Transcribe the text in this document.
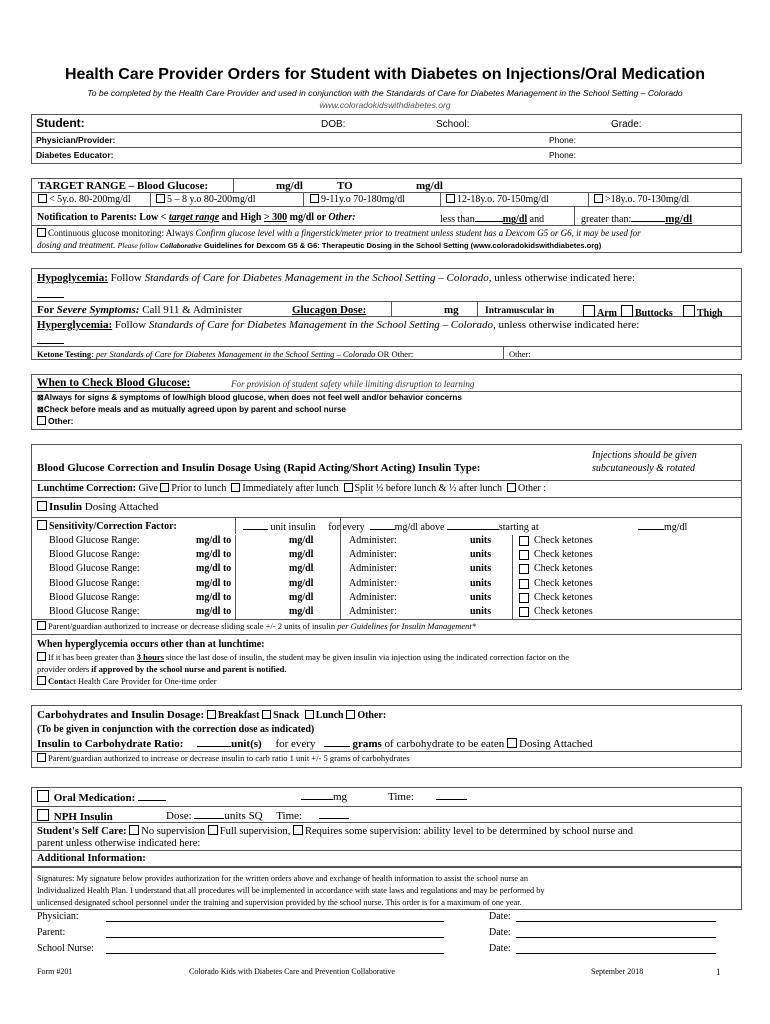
Health Care Provider Orders for Student with Diabetes on Injections/Oral Medication
To be completed by the Health Care Provider and used in conjunction with the Standards of Care for Diabetes Management in the School Setting – Colorado
www.coloradokidswithdiabetes.org
Student:	DOB:	School:	Grade:
Physician/Provider:	Phone:
Diabetes Educator:	Phone:
TARGET RANGE – Blood Glucose:	mg/dl	TO	mg/dl
< 5y.o. 80-200mg/dl	5 – 8 y.o 80-200mg/dl	9-11y.o 70-180mg/dl	12-18y.o. 70-150mg/dl	>18y.o. 70-130mg/dl
Notification to Parents: Low < target range and High > 300 mg/dl or Other:	less than	mg/dl and	greater than:	mg/dl
Continuous glucose monitoring: Always Confirm glucose level with a fingerstick/meter prior to treatment unless student has a Dexcom G5 or G6, it may be used for
dosing and treatment. Please follow Collaborative Guidelines for Dexcom G5 & G6: Therapeutic Dosing in the School Setting (www.coloradokidswithdiabetes.org)
Hypoglycemia: Follow Standards of Care for Diabetes Management in the School Setting – Colorado, unless otherwise indicated here:
For Severe Symptoms: Call 911 & Administer	Glucagon Dose:	mg	Intramuscular in	Arm	Buttocks	Thigh
Hyperglycemia: Follow Standards of Care for Diabetes Management in the School Setting – Colorado, unless otherwise indicated here:
Ketone Testing: per Standards of Care for Diabetes Management in the School Setting – Colorado OR Other:	Other:
When to Check Blood Glucose:	For provision of student safety while limiting disruption to learning
⊠Always for signs & symptoms of low/high blood glucose, when does not feel well and/or behavior concerns
⊠Check before meals and as mutually agreed upon by parent and school nurse
Other:
Injections should be given
subcutaneously & rotated
Blood Glucose Correction and Insulin Dosage Using (Rapid Acting/Short Acting) Insulin Type:
Lunchtime Correction: Give Prior to lunch Immediately after lunch Split ½ before lunch & ½ after lunch Other :
Insulin Dosing Attached
Sensitivity/Correction Factor:	unit insulin for every	mg/dl above	starting at	mg/dl
Blood Glucose Range:	mg/dl to	mg/dl	Administer:	units	Check ketones
Blood Glucose Range:	mg/dl to	mg/dl	Administer:	units	Check ketones
Blood Glucose Range:	mg/dl to	mg/dl	Administer:	units	Check ketones
Blood Glucose Range:	mg/dl to	mg/dl	Administer:	units	Check ketones
Blood Glucose Range:	mg/dl to	mg/dl	Administer:	units	Check ketones
Blood Glucose Range:	mg/dl to	mg/dl	Administer:	units	Check ketones
Parent/guardian authorized to increase or decrease sliding scale +/- 2 units of insulin per Guidelines for Insulin Management*
When hyperglycemia occurs other than at lunchtime:
If it has been greater than 3 hours since the last dose of insulin, the student may be given insulin via injection using the indicated correction factor on the
provider orders if approved by the school nurse and parent is notified.
Contact Health Care Provider for One-time order
Carbohydrates and Insulin Dosage: Breakfast Snack Lunch Other:
(To be given in conjunction with the correction dose as indicated)
Insulin to Carbohydrate Ratio:	unit(s) for every	grams of carbohydrate to be eaten Dosing Attached
Parent/guardian authorized to increase or decrease insulin to carb ratio 1 unit +/- 5 grams of carbohydrates
Oral Medication:	mg	Time:
NPH Insulin	Dose:	units SQ Time:
Student's Self Care: No supervision Full supervision, Requires some supervision: ability level to be determined by school nurse and
parent unless otherwise indicated here:
Additional Information:
Signatures: My signature below provides authorization for the written orders above and exchange of health information to assist the school nurse an
Individualized Health Plan. I understand that all procedures will be implemented in accordance with state laws and regulations and may be performed by
unlicensed designated school personnel under the training and supervision provided by the school nurse. This order is for a maximum of one year.
Physician:	Date:
Parent:	Date:
School Nurse:	Date:
Form #201	Colorado Kids with Diabetes Care and Prevention Collaborative	September 2018	1
